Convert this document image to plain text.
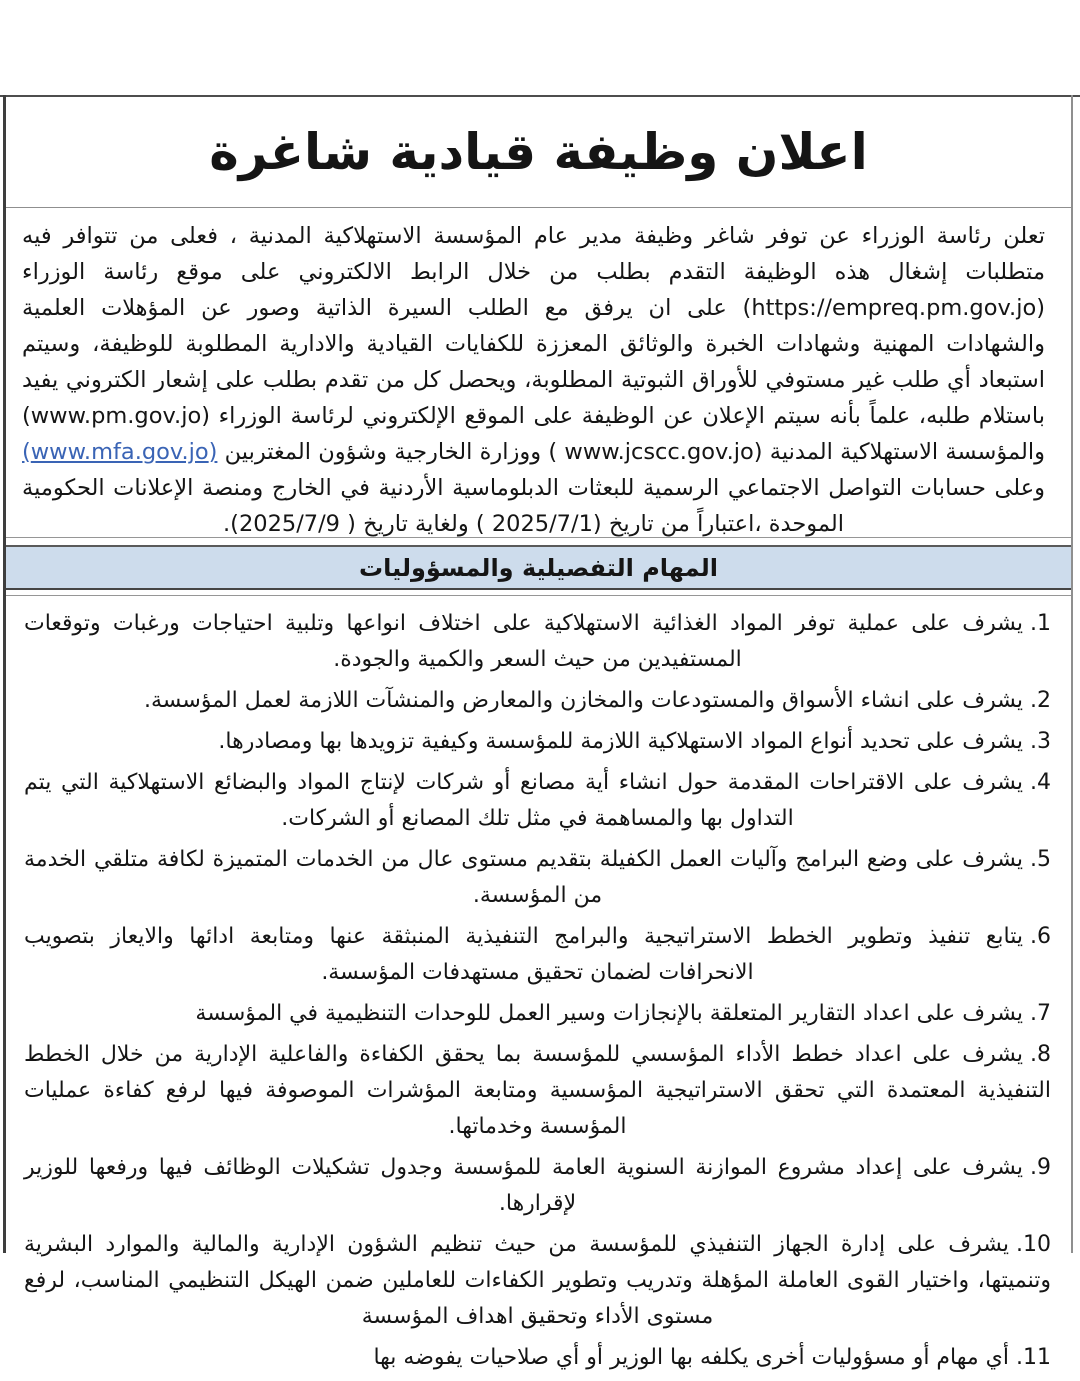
اعلان وظيفة قيادية شاغرة
تعلن رئاسة الوزراء عن توفر شاغر وظيفة مدير عام المؤسسة الاستهلاكية المدنية ، فعلى من تتوافر فيه متطلبات إشغال هذه الوظيفة التقدم بطلب من خلال الرابط الالكتروني على موقع رئاسة الوزراء (https://empreq.pm.gov.jo) على ان يرفق مع الطلب السيرة الذاتية وصور عن المؤهلات العلمية والشهادات المهنية وشهادات الخبرة والوثائق المعززة للكفايات القيادية والادارية المطلوبة للوظيفة، وسيتم استبعاد أي طلب غير مستوفي للأوراق الثبوتية المطلوبة، ويحصل كل من تقدم بطلب على إشعار الكتروني يفيد باستلام طلبه، علماً بأنه سيتم الإعلان عن الوظيفة على الموقع الإلكتروني لرئاسة الوزراء (www.pm.gov.jo) والمؤسسة الاستهلاكية المدنية (www.jcscc.gov.jo ) ووزارة الخارجية وشؤون المغتربين (www.mfa.gov.jo) وعلى حسابات التواصل الاجتماعي الرسمية للبعثات الدبلوماسية الأردنية في الخارج ومنصة الإعلانات الحكومية الموحدة ،اعتباراً من تاريخ (2025/7/1 ) ولغاية تاريخ ( 2025/7/9).
المهام التفصيلية والمسؤوليات
1.يشرف على عملية توفر المواد الغذائية الاستهلاكية على اختلاف انواعها وتلبية احتياجات ورغبات وتوقعات المستفيدين من حيث السعر والكمية والجودة.
2.يشرف على انشاء الأسواق والمستودعات والمخازن والمعارض والمنشآت اللازمة لعمل المؤسسة.
3.يشرف على تحديد أنواع المواد الاستهلاكية اللازمة للمؤسسة وكيفية تزويدها بها ومصادرها.
4.يشرف على الاقتراحات المقدمة حول انشاء أية مصانع أو شركات لإنتاج المواد والبضائع الاستهلاكية التي يتم التداول بها والمساهمة في مثل تلك المصانع أو الشركات.
5.يشرف على وضع البرامج وآليات العمل الكفيلة بتقديم مستوى عال من الخدمات المتميزة لكافة متلقي الخدمة من المؤسسة.
6.يتابع تنفيذ وتطوير الخطط الاستراتيجية والبرامج التنفيذية المنبثقة عنها ومتابعة ادائها والايعاز بتصويب الانحرافات لضمان تحقيق مستهدفات المؤسسة.
7.يشرف على اعداد التقارير المتعلقة بالإنجازات وسير العمل للوحدات التنظيمية في المؤسسة
8.يشرف على اعداد خطط الأداء المؤسسي للمؤسسة بما يحقق الكفاءة والفاعلية الإدارية من خلال الخطط التنفيذية المعتمدة التي تحقق الاستراتيجية المؤسسية ومتابعة المؤشرات الموصوفة فيها لرفع كفاءة عمليات المؤسسة وخدماتها.
9.يشرف على إعداد مشروع الموازنة السنوية العامة للمؤسسة وجدول تشكيلات الوظائف فيها ورفعها للوزير لإقرارها.
10.يشرف على إدارة الجهاز التنفيذي للمؤسسة من حيث تنظيم الشؤون الإدارية والمالية والموارد البشرية وتنميتها، واختيار القوى العاملة المؤهلة وتدريب وتطوير الكفاءات للعاملين ضمن الهيكل التنظيمي المناسب، لرفع مستوى الأداء وتحقيق اهداف المؤسسة
11.أي مهام أو مسؤوليات أخرى يكلفه بها الوزير أو أي صلاحيات يفوضه بها
